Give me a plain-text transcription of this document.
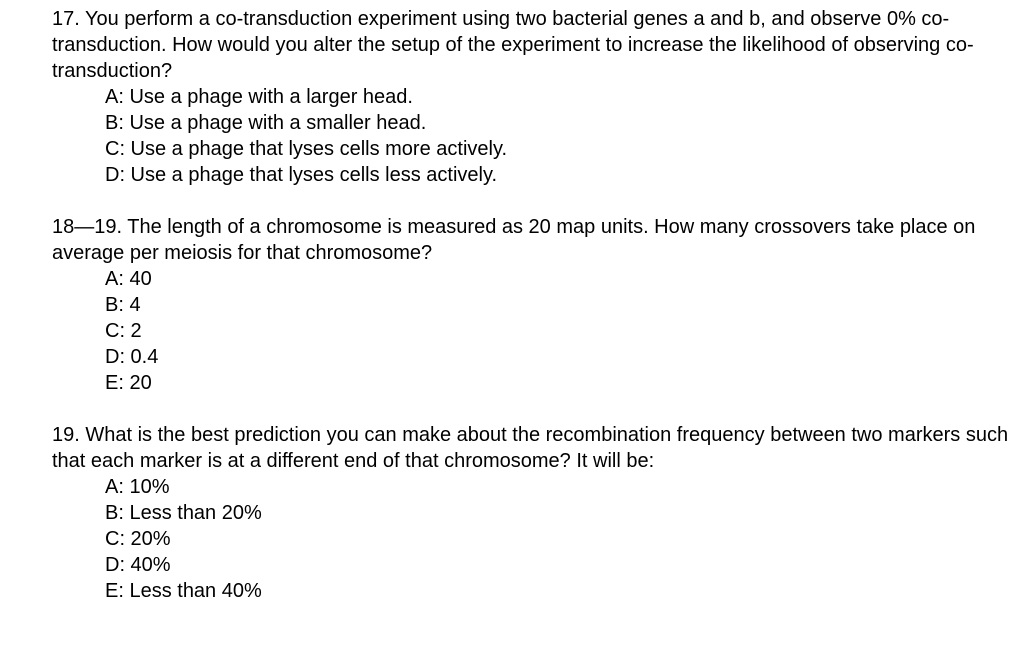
17. You perform a co-transduction experiment using two bacterial genes a and b, and observe 0% co-transduction. How would you alter the setup of the experiment to increase the likelihood of observing co-transduction?

A: Use a phage with a larger head.
B: Use a phage with a smaller head.
C: Use a phage that lyses cells more actively.
D: Use a phage that lyses cells less actively.

18—19. The length of a chromosome is measured as 20 map units. How many crossovers take place on average per meiosis for that chromosome?

A: 40
B: 4
C: 2
D: 0.4
E: 20

19. What is the best prediction you can make about the recombination frequency between two markers such that each marker is at a different end of that chromosome? It will be:

A: 10%
B: Less than 20%
C: 20%
D: 40%
E: Less than 40%
